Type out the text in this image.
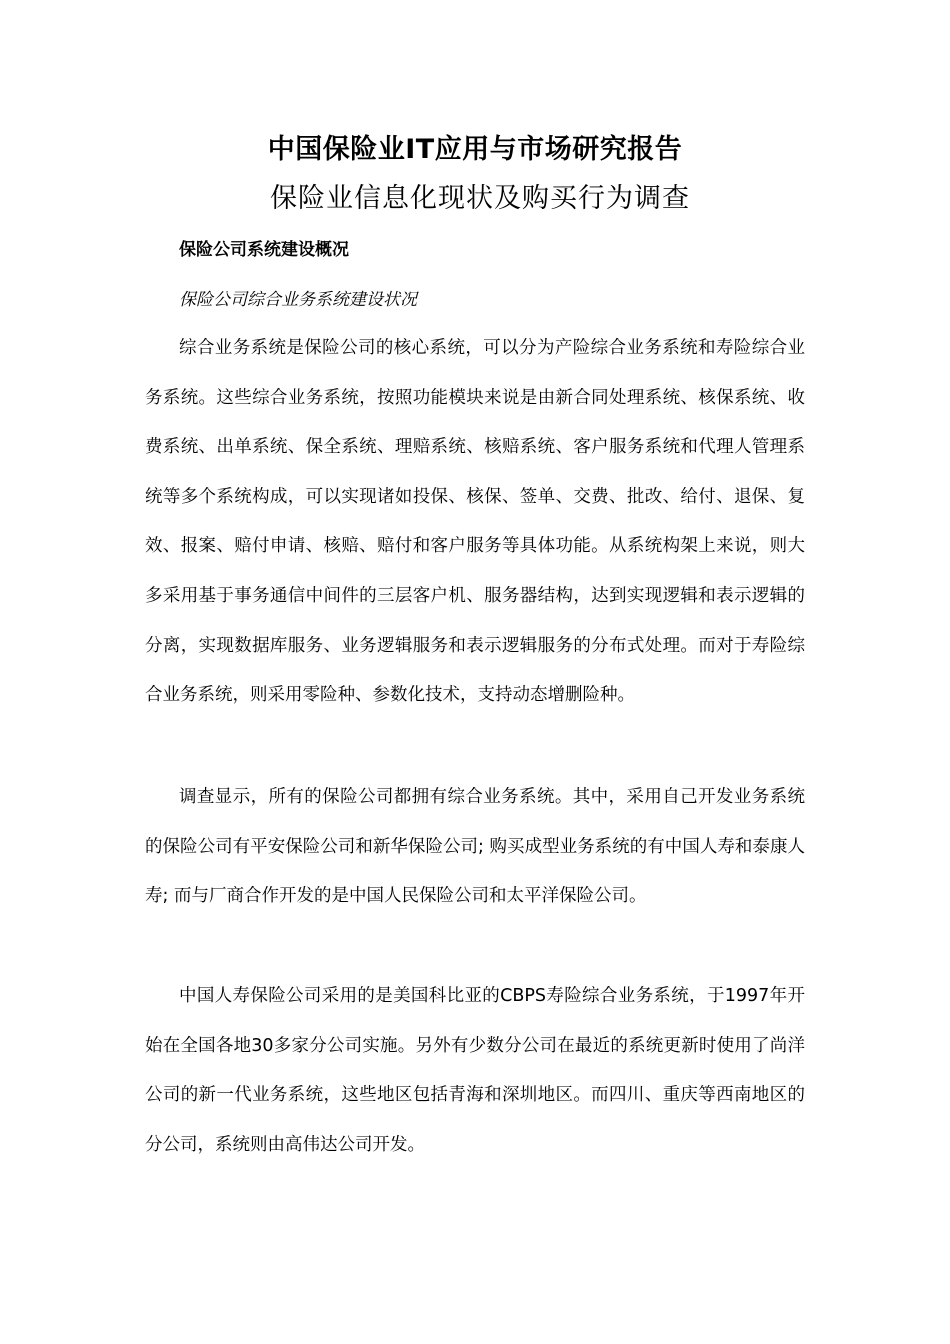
中国保险业IT应用与市场研究报告
保险业信息化现状及购买行为调查
保险公司系统建设概况
保险公司综合业务系统建设状况

综合业务系统是保险公司的核心系统，可以分为产险综合业务系统和寿险综合业务系统。这些综合业务系统，按照功能模块来说是由新合同处理系统、核保系统、收费系统、出单系统、保全系统、理赔系统、核赔系统、客户服务系统和代理人管理系统等多个系统构成，可以实现诸如投保、核保、签单、交费、批改、给付、退保、复效、报案、赔付申请、核赔、赔付和客户服务等具体功能。从系统构架上来说，则大多采用基于事务通信中间件的三层客户机、服务器结构，达到实现逻辑和表示逻辑的分离，实现数据库服务、业务逻辑服务和表示逻辑服务的分布式处理。而对于寿险综合业务系统，则采用零险种、参数化技术，支持动态增删险种。

调查显示，所有的保险公司都拥有综合业务系统。其中，采用自己开发业务系统的保险公司有平安保险公司和新华保险公司; 购买成型业务系统的有中国人寿和泰康人寿; 而与厂商合作开发的是中国人民保险公司和太平洋保险公司。

中国人寿保险公司采用的是美国科比亚的CBPS寿险综合业务系统，于1997年开始在全国各地30多家分公司实施。另外有少数分公司在最近的系统更新时使用了尚洋公司的新一代业务系统，这些地区包括青海和深圳地区。而四川、重庆等西南地区的分公司，系统则由高伟达公司开发。
